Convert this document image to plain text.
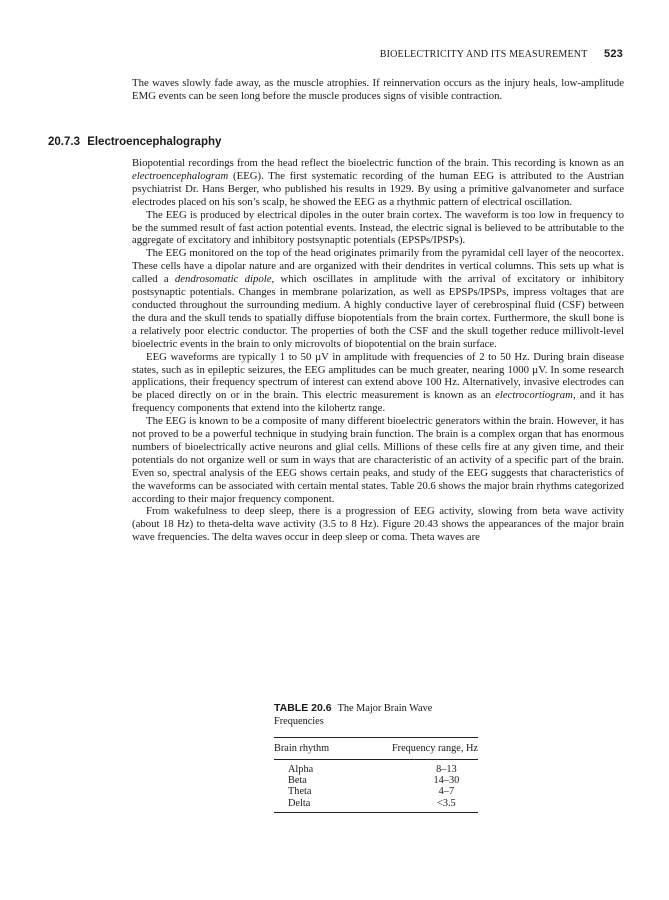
BIOELECTRICITY AND ITS MEASUREMENT 523

The waves slowly fade away, as the muscle atrophies. If reinnervation occurs as the injury heals, low-amplitude EMG events can be seen long before the muscle produces signs of visible contraction.

20.7.3 Electroencephalography

Biopotential recordings from the head reflect the bioelectric function of the brain. This recording is known as an electroencephalogram (EEG). The first systematic recording of the human EEG is attributed to the Austrian psychiatrist Dr. Hans Berger, who published his results in 1929. By using a primitive galvanometer and surface electrodes placed on his son’s scalp, he showed the EEG as a rhythmic pattern of electrical oscillation.

The EEG is produced by electrical dipoles in the outer brain cortex. The waveform is too low in frequency to be the summed result of fast action potential events. Instead, the electric signal is believed to be attributable to the aggregate of excitatory and inhibitory postsynaptic potentials (EPSPs/IPSPs).

The EEG monitored on the top of the head originates primarily from the pyramidal cell layer of the neocortex. These cells have a dipolar nature and are organized with their dendrites in vertical columns. This sets up what is called a dendrosomatic dipole, which oscillates in amplitude with the arrival of excitatory or inhibitory postsynaptic potentials. Changes in membrane polarization, as well as EPSPs/IPSPs, impress voltages that are conducted throughout the surrounding medium. A highly conductive layer of cerebrospinal fluid (CSF) between the dura and the skull tends to spatially diffuse biopotentials from the brain cortex. Furthermore, the skull bone is a relatively poor electric conductor. The properties of both the CSF and the skull together reduce millivolt-level bioelectric events in the brain to only microvolts of biopotential on the brain surface.

EEG waveforms are typically 1 to 50 µV in amplitude with frequencies of 2 to 50 Hz. During brain disease states, such as in epileptic seizures, the EEG amplitudes can be much greater, nearing 1000 µV. In some research applications, their frequency spectrum of interest can extend above 100 Hz. Alternatively, invasive electrodes can be placed directly on or in the brain. This electric measurement is known as an electrocortiogram, and it has frequency components that extend into the kilohertz range.

The EEG is known to be a composite of many different bioelectric generators within the brain. However, it has not proved to be a powerful technique in studying brain function. The brain is a complex organ that has enormous numbers of bioelectrically active neurons and glial cells. Millions of these cells fire at any given time, and their potentials do not organize well or sum in ways that are characteristic of an activity of a specific part of the brain. Even so, spectral analysis of the EEG shows certain peaks, and study of the EEG suggests that characteristics of the waveforms can be associated with certain mental states. Table 20.6 shows the major brain rhythms categorized according to their major frequency component.

From wakefulness to deep sleep, there is a progression of EEG activity, slowing from beta wave activity (about 18 Hz) to theta-delta wave activity (3.5 to 8 Hz). Figure 20.43 shows the appearances of the major brain wave frequencies. The delta waves occur in deep sleep or coma. Theta waves are

TABLE 20.6 The Major Brain Wave Frequencies
Brain rhythm	Frequency range, Hz
Alpha	8–13
Beta	14–30
Theta	4–7
Delta	<3.5
